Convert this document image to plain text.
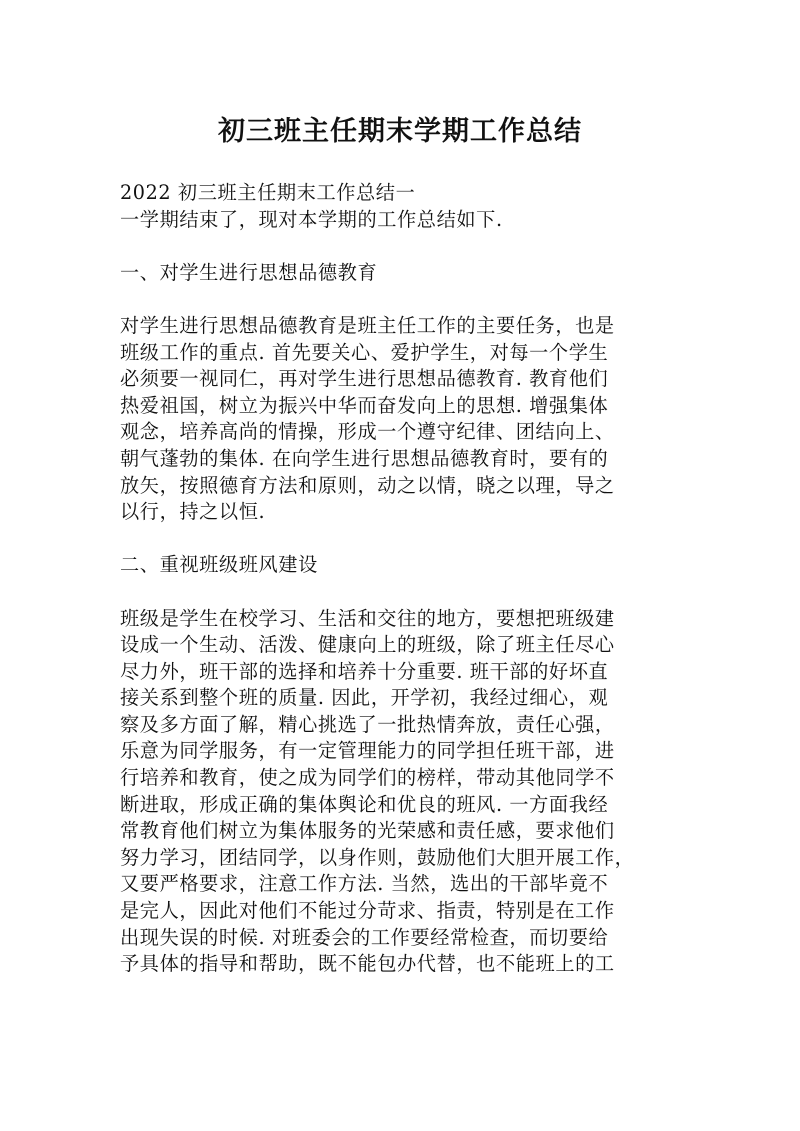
初三班主任期末学期工作总结
2022 初三班主任期末工作总结一
一学期结束了，现对本学期的工作总结如下.
一、对学生进行思想品德教育
对学生进行思想品德教育是班主任工作的主要任务，也是
班级工作的重点. 首先要关心、爱护学生，对每一个学生
必须要一视同仁，再对学生进行思想品德教育. 教育他们
热爱祖国，树立为振兴中华而奋发向上的思想. 增强集体
观念，培养高尚的情操，形成一个遵守纪律、团结向上、
朝气蓬勃的集体. 在向学生进行思想品德教育时，要有的
放矢，按照德育方法和原则，动之以情，晓之以理，导之
以行，持之以恒.
二、重视班级班风建设
班级是学生在校学习、生活和交往的地方，要想把班级建
设成一个生动、活泼、健康向上的班级，除了班主任尽心
尽力外，班干部的选择和培养十分重要. 班干部的好坏直
接关系到整个班的质量. 因此，开学初，我经过细心，观
察及多方面了解，精心挑选了一批热情奔放，责任心强，
乐意为同学服务，有一定管理能力的同学担任班干部，进
行培养和教育，使之成为同学们的榜样，带动其他同学不
断进取，形成正确的集体舆论和优良的班风. 一方面我经
常教育他们树立为集体服务的光荣感和责任感，要求他们
努力学习，团结同学，以身作则，鼓励他们大胆开展工作，
又要严格要求，注意工作方法. 当然，选出的干部毕竟不
是完人，因此对他们不能过分苛求、指责，特别是在工作
出现失误的时候. 对班委会的工作要经常检查，而切要给
予具体的指导和帮助，既不能包办代替，也不能班上的工
